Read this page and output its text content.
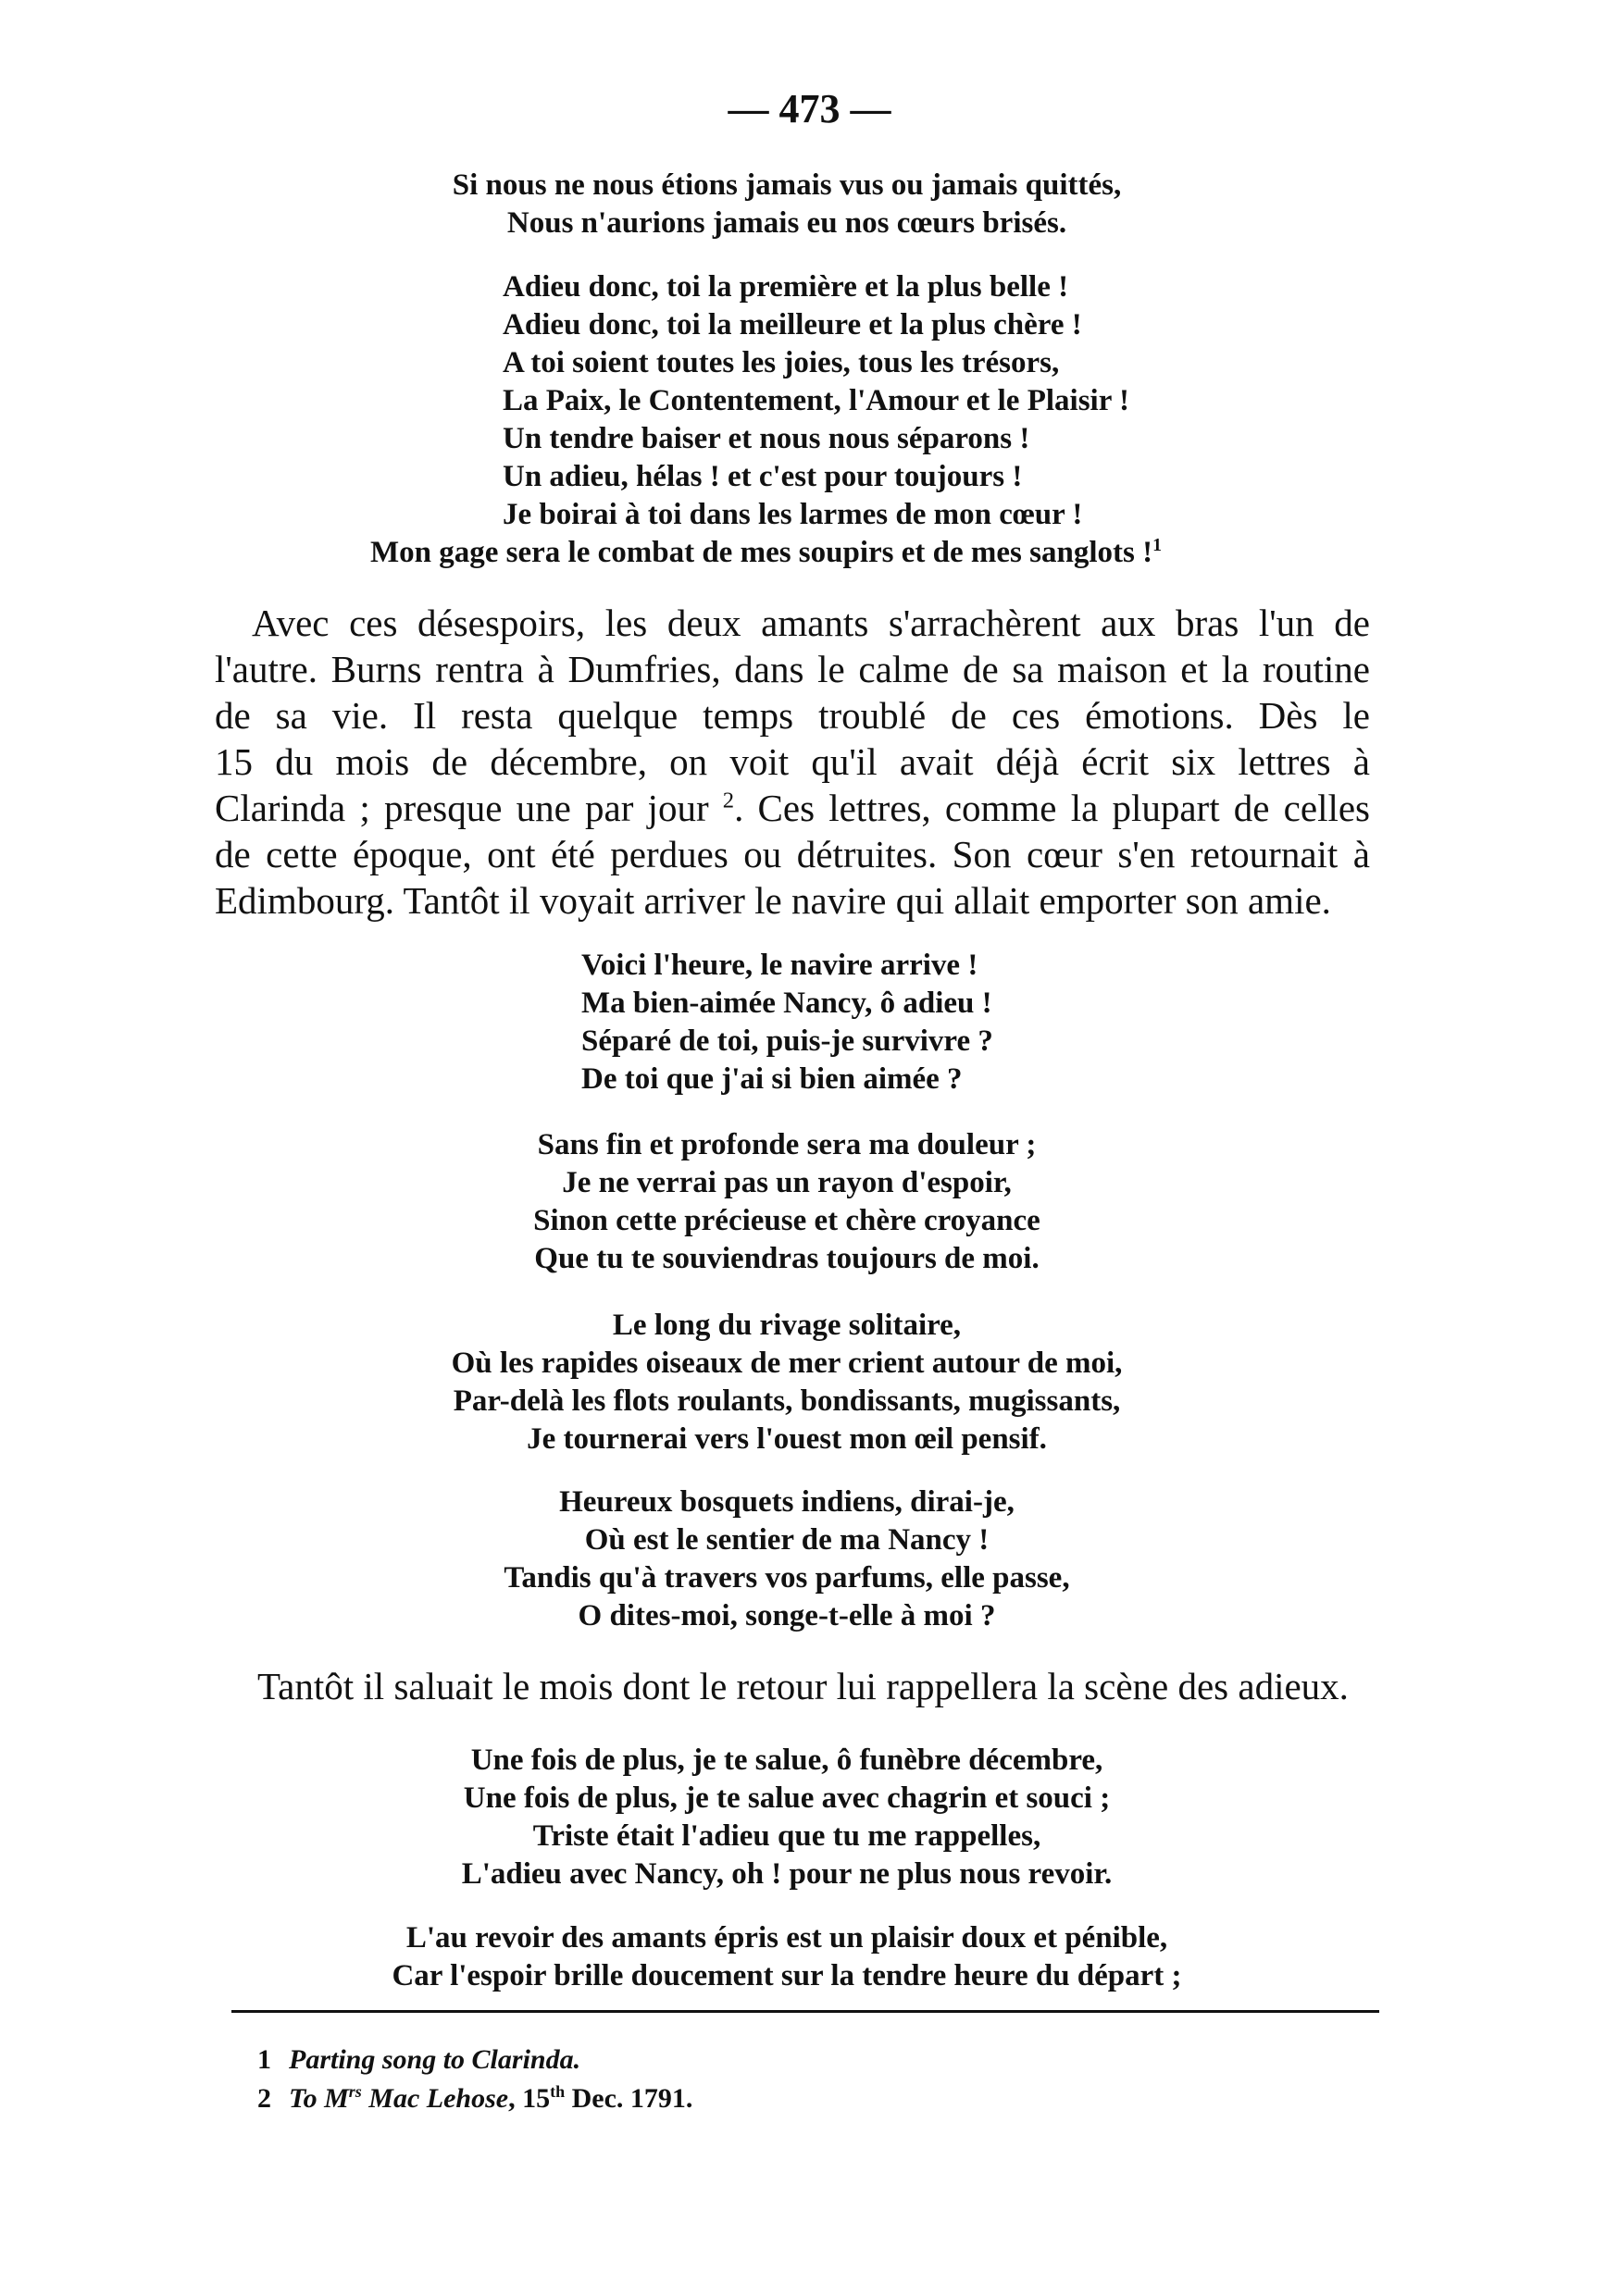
— 473 —
Si nous ne nous étions jamais vus ou jamais quittés,
Nous n'aurions jamais eu nos cœurs brisés.
Adieu donc, toi la première et la plus belle !
Adieu donc, toi la meilleure et la plus chère !
A toi soient toutes les joies, tous les trésors,
La Paix, le Contentement, l'Amour et le Plaisir !
Un tendre baiser et nous nous séparons !
Un adieu, hélas ! et c'est pour toujours !
Je boirai à toi dans les larmes de mon cœur !
Mon gage sera le combat de mes soupirs et de mes sanglots !$^1$
Avec ces désespoirs, les deux amants s'arrachèrent aux bras l'un de
l'autre. Burns rentra à Dumfries, dans le calme de sa maison et la routine
de sa vie. Il resta quelque temps troublé de ces émotions. Dès le
15 du mois de décembre, on voit qu'il avait déjà écrit six lettres à
Clarinda ; presque une par jour $^2$. Ces lettres, comme la plupart de celles
de cette époque, ont été perdues ou détruites. Son cœur s'en retournait à
Edimbourg. Tantôt il voyait arriver le navire qui allait emporter son amie.
Voici l'heure, le navire arrive !
Ma bien-aimée Nancy, ô adieu !
Séparé de toi, puis-je survivre ?
De toi que j'ai si bien aimée ?
Sans fin et profonde sera ma douleur ;
Je ne verrai pas un rayon d'espoir,
Sinon cette précieuse et chère croyance
Que tu te souviendras toujours de moi.
Le long du rivage solitaire,
Où les rapides oiseaux de mer crient autour de moi,
Par-delà les flots roulants, bondissants, mugissants,
Je tournerai vers l'ouest mon œil pensif.
Heureux bosquets indiens, dirai-je,
Où est le sentier de ma Nancy !
Tandis qu'à travers vos parfums, elle passe,
O dites-moi, songe-t-elle à moi ?
Tantôt il saluait le mois dont le retour lui rappellera la scène des adieux.
Une fois de plus, je te salue, ô funèbre décembre,
Une fois de plus, je te salue avec chagrin et souci ;
Triste était l'adieu que tu me rappelles,
L'adieu avec Nancy, oh ! pour ne plus nous revoir.
L'au revoir des amants épris est un plaisir doux et pénible,
Car l'espoir brille doucement sur la tendre heure du départ ;
1 Parting song to Clarinda.
2 To $M^{rs}$ Mac Lehose, 15th Dec. 1791.
